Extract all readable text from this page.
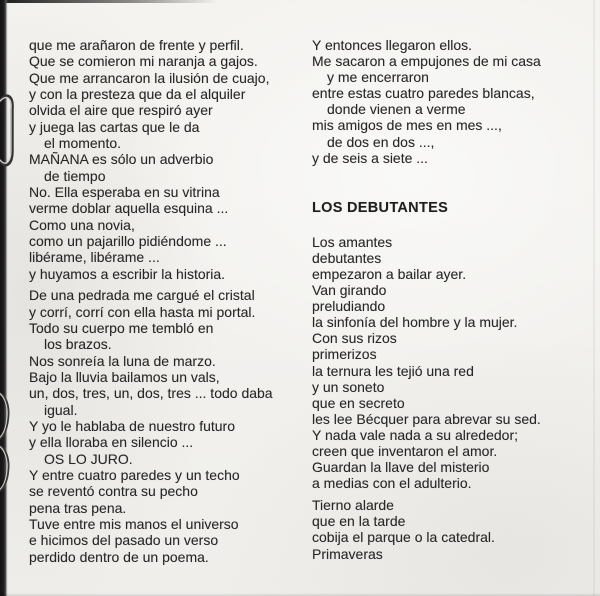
que me arañaron de frente y perfil.
Que se comieron mi naranja a gajos.
Que me arrancaron la ilusión de cuajo,
y con la presteza que da el alquiler
olvida el aire que respiró ayer
y juega las cartas que le da
el momento.
MAÑANA es sólo un adverbio
de tiempo
No. Ella esperaba en su vitrina
verme doblar aquella esquina ...
Como una novia,
como un pajarillo pidiéndome ...
libérame, libérame ...
y huyamos a escribir la historia.
De una pedrada me cargué el cristal
y corrí, corrí con ella hasta mi portal.
Todo su cuerpo me tembló en
los brazos.
Nos sonreía la luna de marzo.
Bajo la lluvia bailamos un vals,
un, dos, tres, un, dos, tres ... todo daba
igual.
Y yo le hablaba de nuestro futuro
y ella lloraba en silencio ...
OS LO JURO.
Y entre cuatro paredes y un techo
se reventó contra su pecho
pena tras pena.
Tuve entre mis manos el universo
e hicimos del pasado un verso
perdido dentro de un poema.
Y entonces llegaron ellos.
Me sacaron a empujones de mi casa
y me encerraron
entre estas cuatro paredes blancas,
donde vienen a verme
mis amigos de mes en mes ...,
de dos en dos ...,
y de seis a siete ...
LOS DEBUTANTES
Los amantes
debutantes
empezaron a bailar ayer.
Van girando
preludiando
la sinfonía del hombre y la mujer.
Con sus rizos
primerizos
la ternura les tejió una red
y un soneto
que en secreto
les lee Bécquer para abrevar su sed.
Y nada vale nada a su alrededor;
creen que inventaron el amor.
Guardan la llave del misterio
a medias con el adulterio.
Tierno alarde
que en la tarde
cobija el parque o la catedral.
Primaveras
